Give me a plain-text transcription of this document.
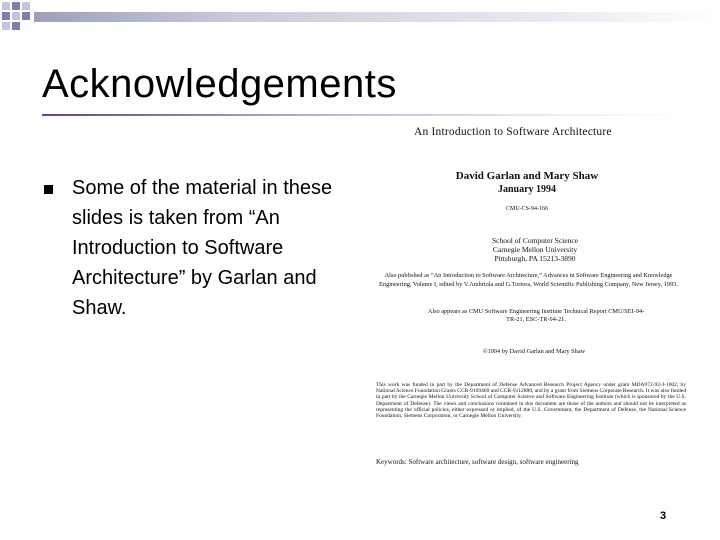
Acknowledgements
Some of the material in these slides is taken from “An Introduction to Software Architecture” by Garlan and Shaw.
An Introduction to Software Architecture
David Garlan and Mary Shaw
January 1994
CMU-CS-94-166
School of Computer Science
Carnegie Mellon University
Pittsburgh, PA 15213-3890
Also published as “An Introduction to Software Architecture,” Advances in Software Engineering and Knowledge Engineering, Volume I, edited by V.Ambriola and G.Tortora, World Scientific Publishing Company, New Jersey, 1993.
Also appears as CMU Software Engineering Institute Technical Report CMU/SEI-94-TR-21, ESC-TR-94-21.
©1994 by David Garlan and Mary Shaw
This work was funded in part by the Department of Defense Advanced Research Project Agency under grant MDA972-92-J-1002, by National Science Foundation Grants CCR-9109469 and CCR-9112880, and by a grant from Siemens Corporate Research. It was also funded in part by the Carnegie Mellon University School of Computer Science and Software Engineering Institute (which is sponsored by the U.S. Department of Defense). The views and conclusions contained in this document are those of the authors and should not be interpreted as representing the official policies, either expressed or implied, of the U.S. Government, the Department of Defense, the National Science Foundation, Siemens Corporation, or Carnegie Mellon University.
Keywords: Software architecture, software design, software engineering
3
